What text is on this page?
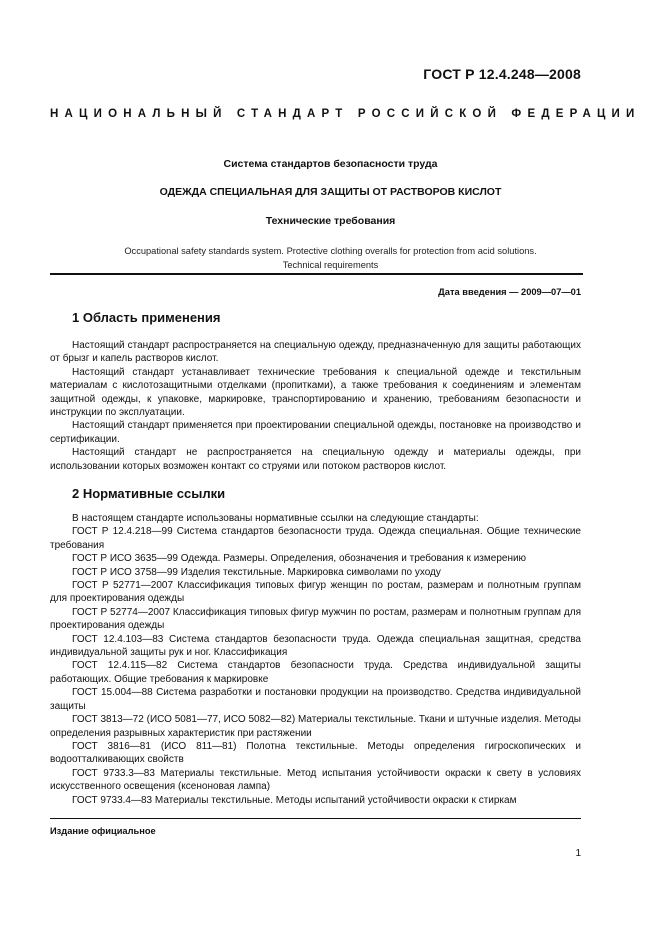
ГОСТ Р 12.4.248—2008
НАЦИОНАЛЬНЫЙ СТАНДАРТ РОССИЙСКОЙ ФЕДЕРАЦИИ
Система стандартов безопасности труда
ОДЕЖДА СПЕЦИАЛЬНАЯ ДЛЯ ЗАЩИТЫ ОТ РАСТВОРОВ КИСЛОТ
Технические требования
Occupational safety standards system. Protective clothing overalls for protection from acid solutions.
Technical requirements
Дата введения — 2009—07—01
1 Область применения

Настоящий стандарт распространяется на специальную одежду, предназначенную для защиты работающих от брызг и капель растворов кислот.

Настоящий стандарт устанавливает технические требования к специальной одежде и текстильным материалам с кислотозащитными отделками (пропитками), а также требования к соединениям и элементам защитной одежды, к упаковке, маркировке, транспортированию и хранению, требованиям безопасности и инструкции по эксплуатации.

Настоящий стандарт применяется при проектировании специальной одежды, постановке на производство и сертификации.

Настоящий стандарт не распространяется на специальную одежду и материалы одежды, при использовании которых возможен контакт со струями или потоком растворов кислот.

2 Нормативные ссылки

В настоящем стандарте использованы нормативные ссылки на следующие стандарты:

ГОСТ Р 12.4.218—99 Система стандартов безопасности труда. Одежда специальная. Общие технические требования

ГОСТ Р ИСО 3635—99 Одежда. Размеры. Определения, обозначения и требования к измерению

ГОСТ Р ИСО 3758—99 Изделия текстильные. Маркировка символами по уходу

ГОСТ Р 52771—2007 Классификация типовых фигур женщин по ростам, размерам и полнотным группам для проектирования одежды

ГОСТ Р 52774—2007 Классификация типовых фигур мужчин по ростам, размерам и полнотным группам для проектирования одежды

ГОСТ 12.4.103—83 Система стандартов безопасности труда. Одежда специальная защитная, средства индивидуальной защиты рук и ног. Классификация

ГОСТ 12.4.115—82 Система стандартов безопасности труда. Средства индивидуальной защиты работающих. Общие требования к маркировке

ГОСТ 15.004—88 Система разработки и постановки продукции на производство. Средства индивидуальной защиты

ГОСТ 3813—72 (ИСО 5081—77, ИСО 5082—82) Материалы текстильные. Ткани и штучные изделия. Методы определения разрывных характеристик при растяжении

ГОСТ 3816—81 (ИСО 811—81) Полотна текстильные. Методы определения гигроскопических и водоотталкивающих свойств

ГОСТ 9733.3—83 Материалы текстильные. Метод испытания устойчивости окраски к свету в условиях искусственного освещения (ксеноновая лампа)

ГОСТ 9733.4—83 Материалы текстильные. Методы испытаний устойчивости окраски к стиркам

Издание официальное
1
